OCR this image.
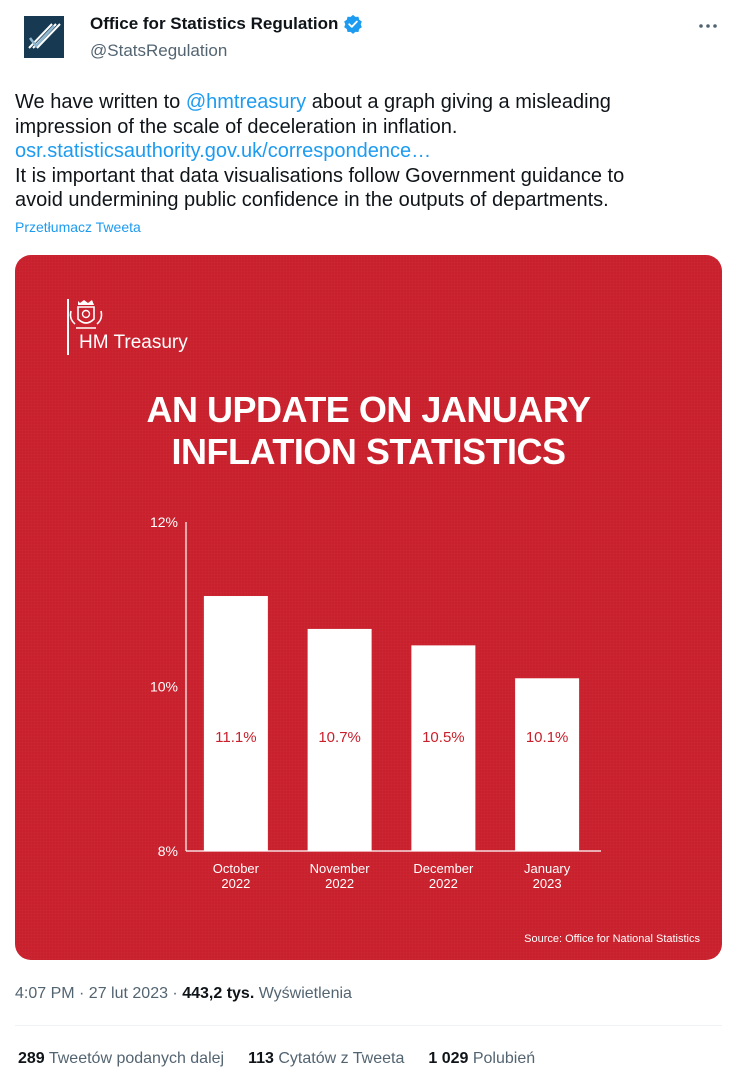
Office for Statistics Regulation
@StatsRegulation
We have written to @hmtreasury about a graph giving a misleading
impression of the scale of deceleration in inflation.
osr.statisticsauthority.gov.uk/correspondence…
It is important that data visualisations follow Government guidance to
avoid undermining public confidence in the outputs of departments.
Przetłumacz Tweeta
HM Treasury
AN UPDATE ON JANUARY
INFLATION STATISTICS
8%
10%
12%
11.1%
October
2022
10.7%
November
2022
10.5%
December
2022
10.1%
January
2023
Source: Office for National Statistics
4:07 PM · 27 lut 2023 · 443,2 tys. Wyświetlenia
289 Tweetów podanych dalej 113 Cytatów z Tweeta 1 029 Polubień
